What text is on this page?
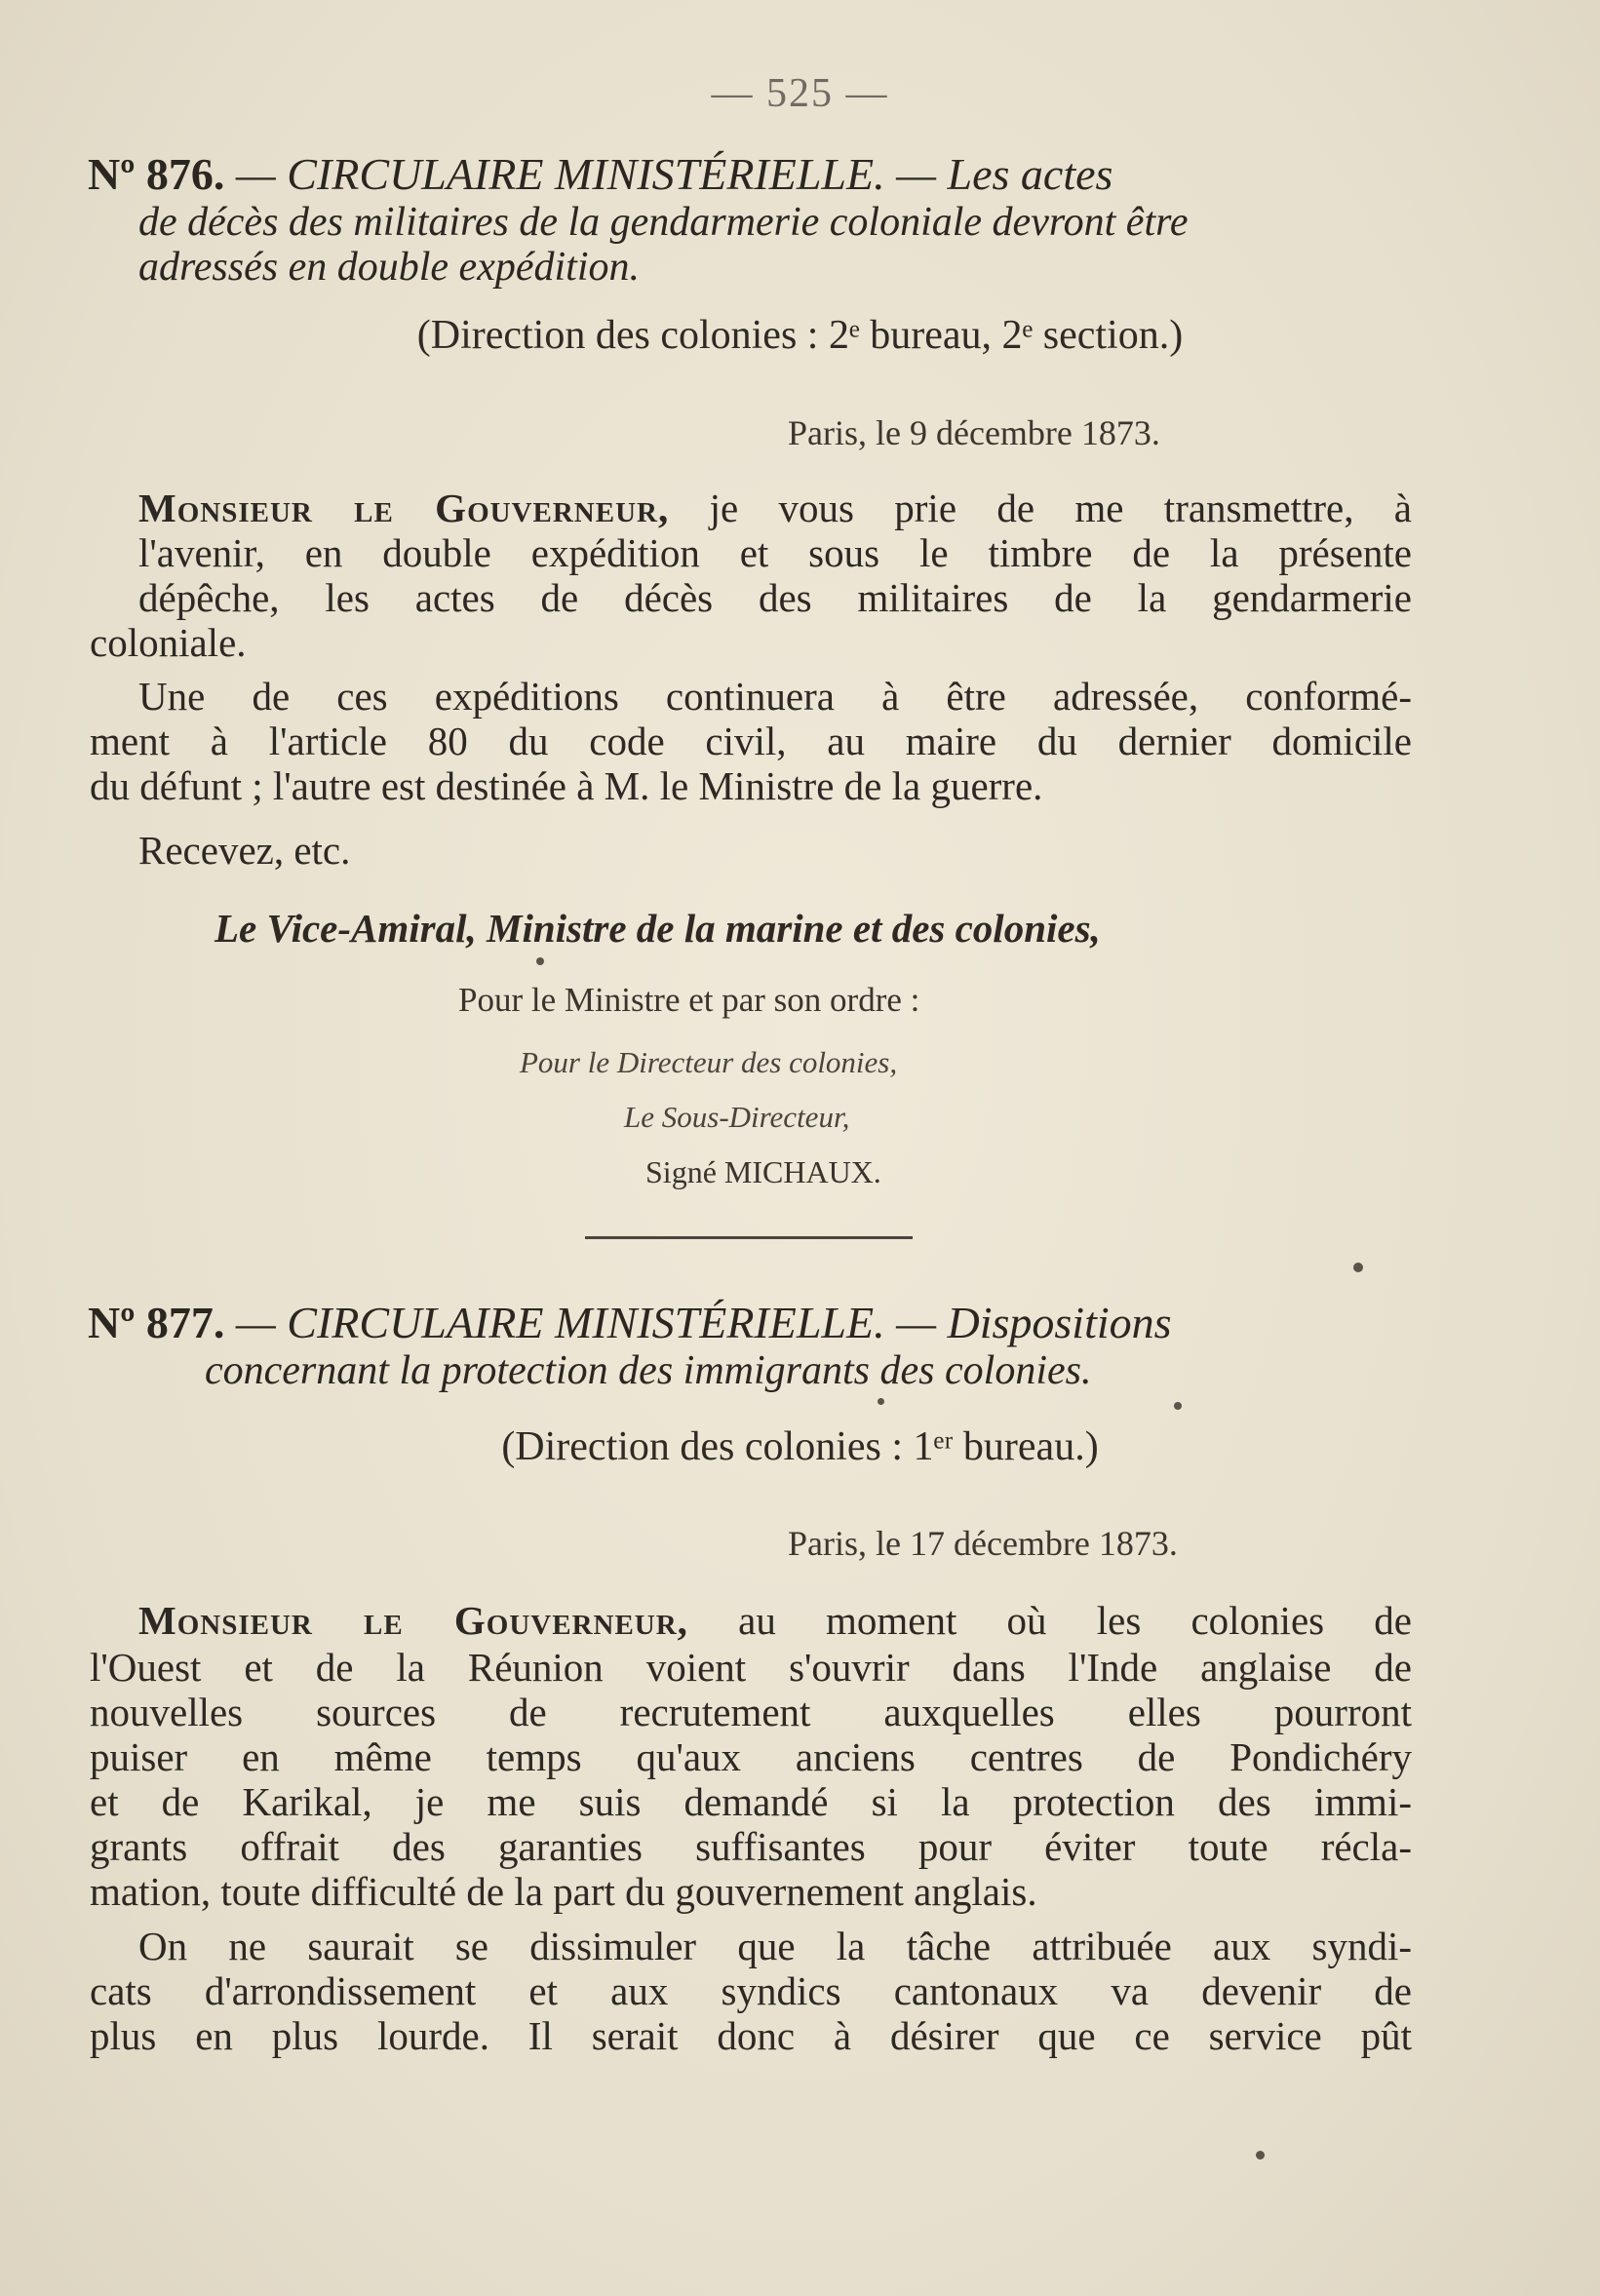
— 525 —
Nº 876. — CIRCULAIRE MINISTÉRIELLE. — Les actes
de décès des militaires de la gendarmerie coloniale devront être
adressés en double expédition.
(Direction des colonies : 2ᵉ bureau, 2ᵉ section.)
Paris, le 9 décembre 1873.
Monsieur le Gouverneur, je vous prie de me transmettre, à
l'avenir, en double expédition et sous le timbre de la présente
dépêche, les actes de décès des militaires de la gendarmerie
coloniale.
Une de ces expéditions continuera à être adressée, conformé-
ment à l'article 80 du code civil, au maire du dernier domicile
du défunt ; l'autre est destinée à M. le Ministre de la guerre.
Recevez, etc.
Le Vice-Amiral, Ministre de la marine et des colonies,
Pour le Ministre et par son ordre :
Pour le Directeur des colonies,
Le Sous-Directeur,
Signé MICHAUX.
Nº 877. — CIRCULAIRE MINISTÉRIELLE. — Dispositions
concernant la protection des immigrants des colonies.
(Direction des colonies : 1ᵉʳ bureau.)
Paris, le 17 décembre 1873.
Monsieur le Gouverneur, au moment où les colonies de
l'Ouest et de la Réunion voient s'ouvrir dans l'Inde anglaise de
nouvelles sources de recrutement auxquelles elles pourront
puiser en même temps qu'aux anciens centres de Pondichéry
et de Karikal, je me suis demandé si la protection des immi-
grants offrait des garanties suffisantes pour éviter toute récla-
mation, toute difficulté de la part du gouvernement anglais.
On ne saurait se dissimuler que la tâche attribuée aux syndi-
cats d'arrondissement et aux syndics cantonaux va devenir de
plus en plus lourde. Il serait donc à désirer que ce service pût
